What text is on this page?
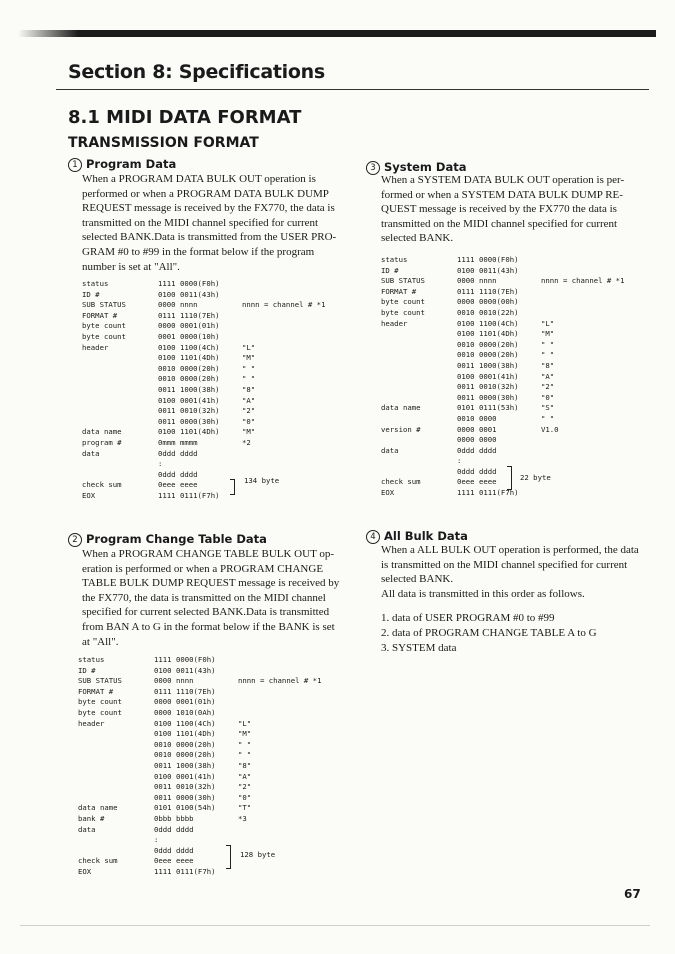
Section 8: Specifications
8.1 MIDI DATA FORMAT
TRANSMISSION FORMAT
1 Program Data
When a PROGRAM DATA BULK OUT operation is
performed or when a PROGRAM DATA BULK DUMP
REQUEST message is received by the FX770, the data is
transmitted on the MIDI channel specified for current
selected BANK.Data is transmitted from the USER PRO-
GRAM #0 to #99 in the format below if the program
number is set at "All".
status	1111 0000(F0h)
ID #	0100 0011(43h)
SUB STATUS	0000 nnnn	nnnn = channel # *1
FORMAT #	0111 1110(7Eh)
byte count	0000 0001(01h)
byte count	0001 0000(10h)
header	0100 1100(4Ch)	"L"
0100 1101(4Dh)	"M"
0010 0000(20h)	" "
0010 0000(20h)	" "
0011 1000(38h)	"8"
0100 0001(41h)	"A"
0011 0010(32h)	"2"
0011 0000(30h)	"0"
data name	0100 1101(4Dh)	"M"
program #	0mmm mmmm	*2
data	0ddd dddd
:
0ddd dddd
check sum	0eee eeee
EOX	1111 0111(F7h)
134 byte
2 Program Change Table Data
When a PROGRAM CHANGE TABLE BULK OUT op-
eration is performed or when a PROGRAM CHANGE
TABLE BULK DUMP REQUEST message is received by
the FX770, the data is transmitted on the MIDI channel
specified for current selected BANK.Data is transmitted
from BAN A to G in the format below if the BANK is set
at "All".
status	1111 0000(F0h)
ID #	0100 0011(43h)
SUB STATUS	0000 nnnn	nnnn = channel # *1
FORMAT #	0111 1110(7Eh)
byte count	0000 0001(01h)
byte count	0000 1010(0Ah)
header	0100 1100(4Ch)	"L"
0100 1101(4Dh)	"M"
0010 0000(20h)	" "
0010 0000(20h)	" "
0011 1000(38h)	"8"
0100 0001(41h)	"A"
0011 0010(32h)	"2"
0011 0000(30h)	"0"
data name	0101 0100(54h)	"T"
bank #	0bbb bbbb	*3
data	0ddd dddd
:
0ddd dddd
check sum	0eee eeee
EOX	1111 0111(F7h)
128 byte
3 System Data
When a SYSTEM DATA BULK OUT operation is per-
formed or when a SYSTEM DATA BULK DUMP RE-
QUEST message is received by the FX770 the data is
transmitted on the MIDI channel specified for current
selected BANK.
status	1111 0000(F0h)
ID #	0100 0011(43h)
SUB STATUS	0000 nnnn	nnnn = channel # *1
FORMAT #	0111 1110(7Eh)
byte count	0000 0000(00h)
byte count	0010 0010(22h)
header	0100 1100(4Ch)	"L"
0100 1101(4Dh)	"M"
0010 0000(20h)	" "
0010 0000(20h)	" "
0011 1000(38h)	"8"
0100 0001(41h)	"A"
0011 0010(32h)	"2"
0011 0000(30h)	"0"
data name	0101 0111(53h)	"S"
0010 0000	" "
version #	0000 0001	V1.0
0000 0000
data	0ddd dddd
:
0ddd dddd
check sum	0eee eeee
EOX	1111 0111(F7h)
22 byte
4 All Bulk Data
When a ALL BULK OUT operation is performed, the data
is transmitted on the MIDI channel specified for current
selected BANK.
All data is transmitted in this order as follows.
1. data of USER PROGRAM #0 to #99
2. data of PROGRAM CHANGE TABLE A to G
3. SYSTEM data
67
